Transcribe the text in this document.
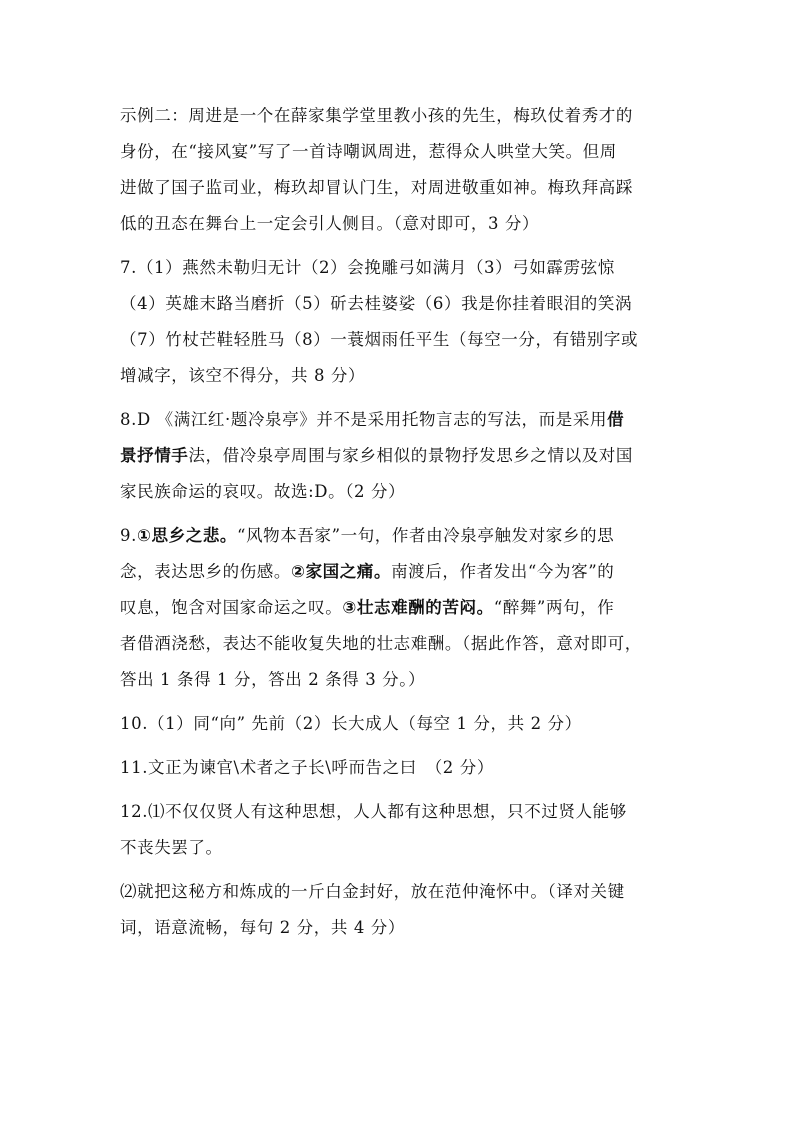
示例二：周进是一个在薛家集学堂里教小孩的先生，梅玖仗着秀才的
身份，在“接风宴”写了一首诗嘲讽周进，惹得众人哄堂大笑。但周
进做了国子监司业，梅玖却冒认门生，对周进敬重如神。梅玖拜高踩
低的丑态在舞台上一定会引人侧目。（意对即可，3 分）

7.（1）燕然未勒归无计（2）会挽雕弓如满月（3）弓如霹雳弦惊
（4）英雄末路当磨折（5）斫去桂婆娑（6）我是你挂着眼泪的笑涡
（7）竹杖芒鞋轻胜马（8）一蓑烟雨任平生（每空一分，有错别字或
增减字，该空不得分，共 8 分）

8.D 《满江红·题冷泉亭》并不是采用托物言志的写法，而是采用借
景抒情手法，借冷泉亭周围与家乡相似的景物抒发思乡之情以及对国
家民族命运的哀叹。故选:D。（2 分）

9.①思乡之悲。“风物本吾家”一句，作者由冷泉亭触发对家乡的思
念，表达思乡的伤感。②家国之痛。南渡后，作者发出“今为客”的
叹息，饱含对国家命运之叹。③壮志难酬的苦闷。“醉舞”两句，作
者借酒浇愁，表达不能收复失地的壮志难酬。（据此作答，意对即可，
答出 1 条得 1 分，答出 2 条得 3 分。）

10.（1）同“向” 先前（2）长大成人（每空 1 分，共 2 分）

11.文正为谏官\术者之子长\呼而告之曰　（2 分）

12.⑴不仅仅贤人有这种思想，人人都有这种思想，只不过贤人能够
不丧失罢了。

⑵就把这秘方和炼成的一斤白金封好，放在范仲淹怀中。（译对关键
词，语意流畅，每句 2 分，共 4 分）
